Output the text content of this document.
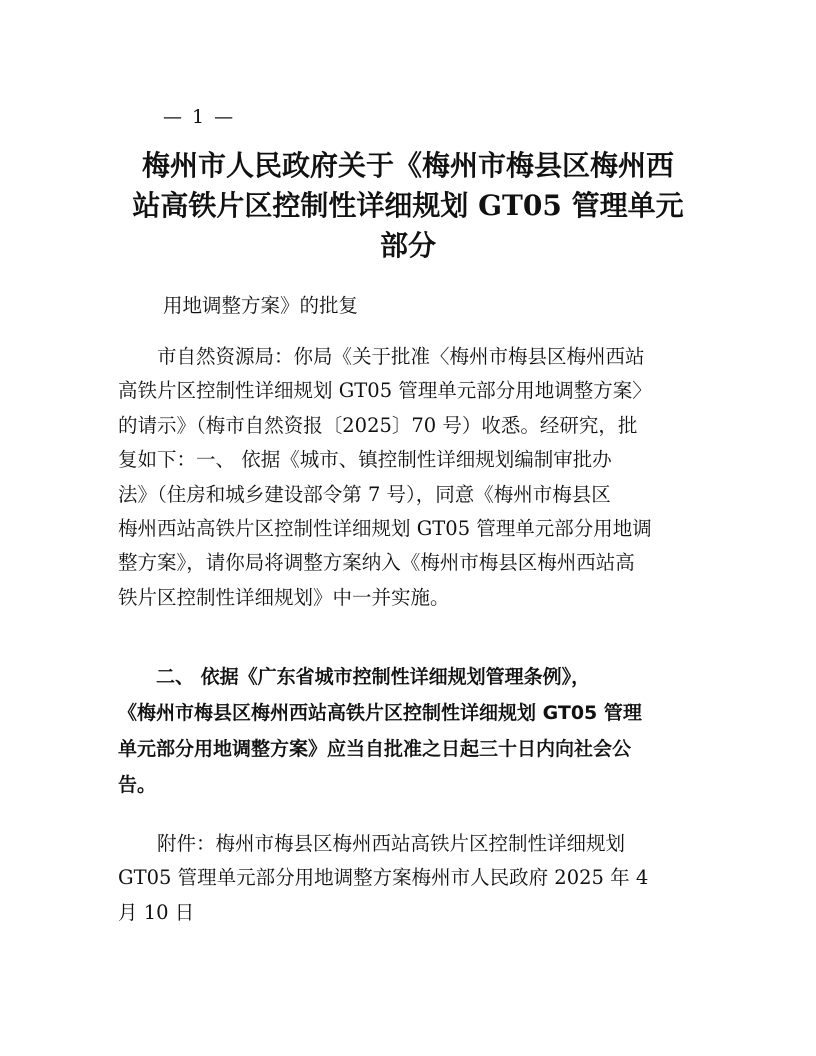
— 1 —
梅州市人民政府关于《梅州市梅县区梅州西
站高铁片区控制性详细规划 GT05 管理单元
部分

用地调整方案》的批复

　　市自然资源局：你局《关于批准〈梅州市梅县区梅州西站
高铁片区控制性详细规划 GT05 管理单元部分用地调整方案〉
的请示》（梅市自然资报〔2025〕70 号）收悉。经研究，批
复如下：一、 依据《城市、镇控制性详细规划编制审批办
法》（住房和城乡建设部令第 7 号），同意《梅州市梅县区
梅州西站高铁片区控制性详细规划 GT05 管理单元部分用地调
整方案》，请你局将调整方案纳入《梅州市梅县区梅州西站高
铁片区控制性详细规划》中一并实施。
　　二、 依据《广东省城市控制性详细规划管理条例》，
《梅州市梅县区梅州西站高铁片区控制性详细规划 GT05 管理
单元部分用地调整方案》应当自批准之日起三十日内向社会公
告。
　　附件：梅州市梅县区梅州西站高铁片区控制性详细规划
GT05 管理单元部分用地调整方案梅州市人民政府 2025 年 4
月 10 日
